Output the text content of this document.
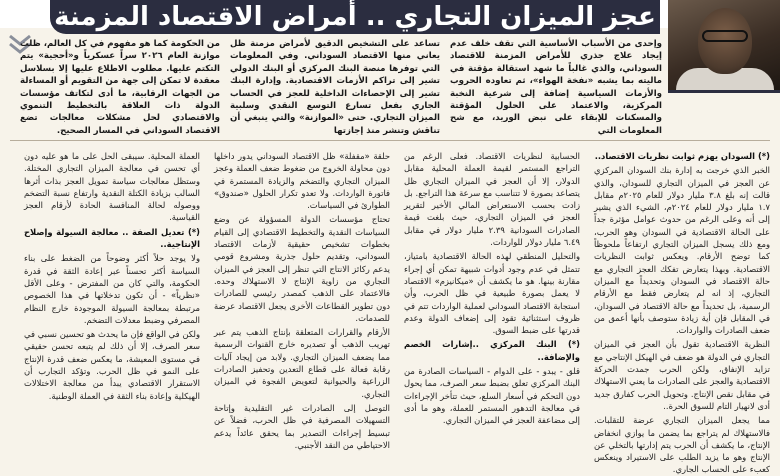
عجز الميزان التجاري .. أمراض الاقتصاد المزمنة
وإحدى من الأسباب الأساسية التي تقف خلف عدم إيجاد علاج جذري للأمراض المزمنة للاقتصاد السوداني، والذي غالباً ما شهد استقالة مؤقتة في ماليته بما يشبه «نفخة الهواء»، ثم تعاوده الحروب والأزمات السياسية إضافة إلى شرعية النخبة المركزية، والاعتماد على الحلول المؤقتة والمسكنات للإبقاء على نبض الوريد، مع شح المعلومات التي
تساعد على التشخيص الدقيق لأمراض مزمنة ظل يعاني منها الاقتصاد السوداني. وفي المعلومات التي توفرها منصة البنك المركزي أو البنك الدولي تشير إلى تراكم الأزمات الاقتصادية. وإدارة البنك تشير إلى الإحصاءات الداخلية للعجز في الحساب الجاري بفعل تسارع التوسع النقدي وسلبية الميزان التجاري. حتى «الموازنة» والتي ينبغي أن تناقش وتنشر منذ إجازتها
من الحكومة كما هو مفهوم في كل العالم، ظلت موازنة العام ٢٠٢٦ سراً عسكرياً و«أحجية» يتم التكتم عليها. مطلوب الاطلاع عليها إلا بسلاسل معقدة لا تمكن إلى جهة من التقويم أو المساءلة من الجهات الرقابية، ما أدى لتكاتف مؤسسات الدولة ذات العلاقة بالتخطيط التنموي والاقتصادي لحل مشكلات معالجات تضع الاقتصاد السوداني في المسار الصحيح.

(*) السودان يهزم ثوابت نظريات الاقتصاد..

الخبر الذي خرجت به إدارة بنك السودان المركزي عن العجز في الميزان التجاري للسودان، والذي قالت إنه بلغ ٣.٨ مليار دولار للعام ٢٠٢٥م مقابل ١.٧ مليار دولار للعام ٢٠٢٤م، الشيء الذي يشير إلى أنه وعلى الرغم من حدوث عوامل مؤثرة جداً على الحالة الاقتصادية في السودان وهو الحرب، ومع ذلك يسجل الميزان التجاري ارتفاعاً ملحوظاً كما توضح الأرقام. ويعكس ثوابت النظريات الاقتصادية. وبهذا يتعارض تفكك العجز التجاري مع حالة الاقتصاد في السودان وتحديداً مع الميزان التجاري، إذ انه لم يتعارض فقط مع الأرقام الرسمية، بل تحديداً مع حالة الاقتصاد في السودان، في المقابل فإن أية زيادة ستوصف بأنها أعمق من ضعف الصادرات والواردات.

النظرية الاقتصادية تقول بأن العجز في الميزان التجاري في الدولة هو ضعف في الهيكل الإنتاجي مع تزايد الإنفاق، ولكن الحرب جمدت الحركة الاقتصادية والعجز على الصادرات ما يعني الاستهلاك في مقابل نقص الإنتاج. وتحويل الحرب كفارق جديد أدى لانهيار التام للسوق الحرة..

مما يجعل الميزان التجاري عرضة للتقلبات. فالاستهلاك لم يتراجع بما يضمن ما يوازي انخفاض الإنتاج، ما يكشف أن الحرب يتم إدارتها بالتخلي عن الإنتاج وهو ما يزيد الطلب على الاستيراد وينعكس كعبء على الحساب الجاري.

الحسابية لنظريات الاقتصاد. فعلى الرغم من التراجع المستمر لقيمة العملة المحلية مقابل الدولار، إلا أن العجز في الميزان التجاري ظل يتصاعد بصورة لا تتناسب مع سرعة هذا التراجع. بل زادت بحسب الاستعراض المالي الأخير لتقرير العجز في الميزان التجاري، حيث بلغت قيمة الصادرات السودانية ٢.٣٩ مليار دولار في مقابل ٦.٤٩ مليار دولار للواردات.

والتحليل المنطقي لهذه الحالة الاقتصادية بامتياز، تتمثل في عدم وجود أدوات شبيهة تمكن أي إجراء مقارنة بينها. هو ما يكشف أن «ميكانيزم» الاقتصاد لا يعمل بصورة طبيعية في ظل الحرب، وأن استجابة الاقتصاد السوداني لعملية الواردات تتم في ظروف استثنائية تقود إلى إضعاف الدولة وعدم قدرتها على ضبط السوق.

(*) البنك المركزي ..إشارات الخصم والإضافة..

قلق - يبدو - على الدوام - السياسات الصادرة من البنك المركزي تعلق بضبط سعر الصرف، مما يحول دون التحكم في أسعار السلع، حيث تتأخر الإجراءات في معالجة التدهور المستمر للعملة، وهو ما أدى إلى مضاعفة العجز في الميزان التجاري.

حلقة «مقفلة» ظل الاقتصاد السوداني يدور داخلها دون محاولة الخروج من ضغوط ضعف العملة وعجز الميزان التجاري والتضخم والزيادة المستمرة في فاتورة الواردات. ولا تعدو تكرار الحلول «صندوق» الطوارئ في السياسات.

تحتاج مؤسسات الدولة المسؤولة عن وضع السياسات النقدية والتخطيط الاقتصادي إلى القيام بخطوات تشخيص حقيقية لأزمات الاقتصاد السوداني، وتقديم حلول جذرية ومشروع قومي يدعم ركائز الانتاج التي تنظر إلى العجز في الميزان التجاري من زاوية الإنتاج لا الاستهلاك وحده. فالاعتماد على الذهب كمصدر رئيسي للصادرات دون تطوير القطاعات الأخرى يجعل الاقتصاد عرضة للصدمات.

الأرقام والقرارات المتعلقة بإنتاج الذهب يتم عبر تهريب الذهب أو تصديره خارج القنوات الرسمية مما يضعف الميزان التجاري. ولابد من إيجاد آليات رقابة فعالة على قطاع التعدين وتحفيز الصادرات الزراعية والحيوانية لتعويض الفجوة في الميزان التجاري.

التوصل إلى الصادرات غير التقليدية وإتاحة التسهيلات المصرفية في ظل الحرب، فضلاً عن تبسيط إجراءات التصدير بما يحقق عائداً يدعم الاحتياطي من النقد الأجنبي.

العملة المحلية. سيبقى الحل على ما هو عليه دون أي تحسن في معالجة الميزان التجاري المختلة. وستظل معالجات سياسة تمويل العجز بذات أثرها السالب بزيادة الكتلة النقدية وارتفاع نسبة التضخم ووصوله لحالة المنافسة الحادة لأرقام العجز القياسية.

(*) تعديل الصفة .. معالجة السيولة وإصلاح الإنتاجية..

ولا يوجد حلاً أكثر وضوحاً من الضغط على بناء السياسة أكثر تحسناً عبر إعادة الثقة في قدرة الحكومة، والتي كان من المفترض - وعلى الأقل «نظرياً» - أن تكون تدخلاتها في هذا الخصوص مرتبطة بمعالجة السيولة الموجودة خارج النظام المصرفي وضبط معدلات التضخم.

ولكن في الواقع فإن ما يحدث هو تحسين نسبي في سعر الصرف، إلا أن ذلك لم يتبعه تحسن حقيقي في مستوى المعيشة، ما يعكس ضعف قدرة الإنتاج على النمو في ظل الحرب. وتؤكد التجارب أن الاستقرار الاقتصادي يبدأ من معالجة الاختلالات الهيكلية وإعادة بناء الثقة في العملة الوطنية.
